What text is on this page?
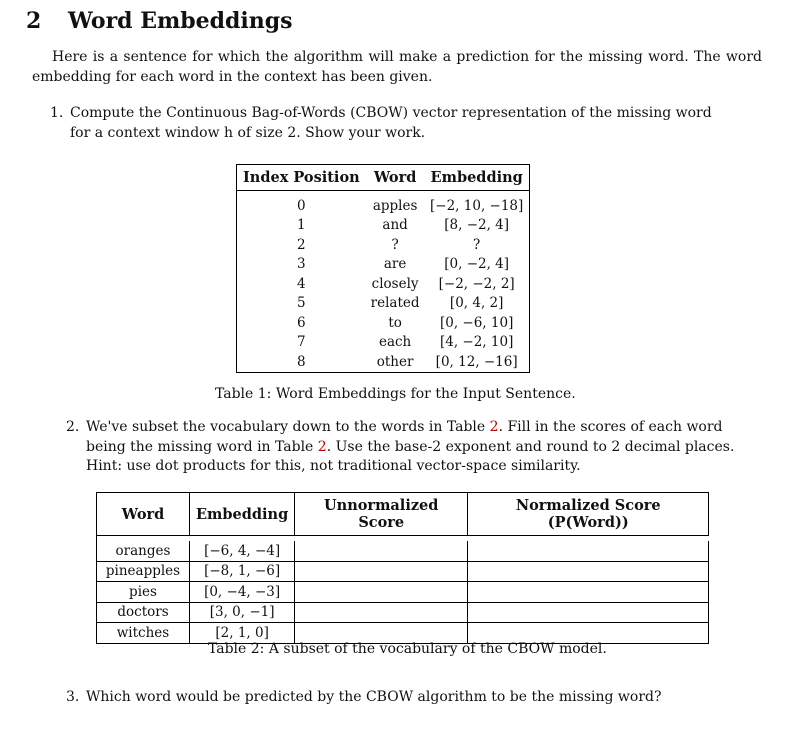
2 Word Embeddings
Here is a sentence for which the algorithm will make a prediction for the missing word. The word embedding for each word in the context has been given.
1. Compute the Continuous Bag-of-Words (CBOW) vector representation of the missing word
for a context window h of size 2. Show your work.
Index Position	Word	Embedding

0	apples	[−2, 10, −18]
1	and	[8, −2, 4]
2	?	?
3	are	[0, −2, 4]
4	closely	[−2, −2, 2]
5	related	[0, 4, 2]
6	to	[0, −6, 10]
7	each	[4, −2, 10]
8	other	[0, 12, −16]
Table 1: Word Embeddings for the Input Sentence.
2. We've subset the vocabulary down to the words in Table 2. Fill in the scores of each word
being the missing word in Table 2. Use the base-2 exponent and round to 2 decimal places.
Hint: use dot products for this, not traditional vector-space similarity.
Word	Embedding	Unnormalized Score	Normalized Score (P(Word))

oranges	[−6, 4, −4]		
pineapples	[−8, 1, −6]		
pies	[0, −4, −3]		
doctors	[3, 0, −1]		
witches	[2, 1, 0]		
Table 2: A subset of the vocabulary of the CBOW model.
3. Which word would be predicted by the CBOW algorithm to be the missing word?
